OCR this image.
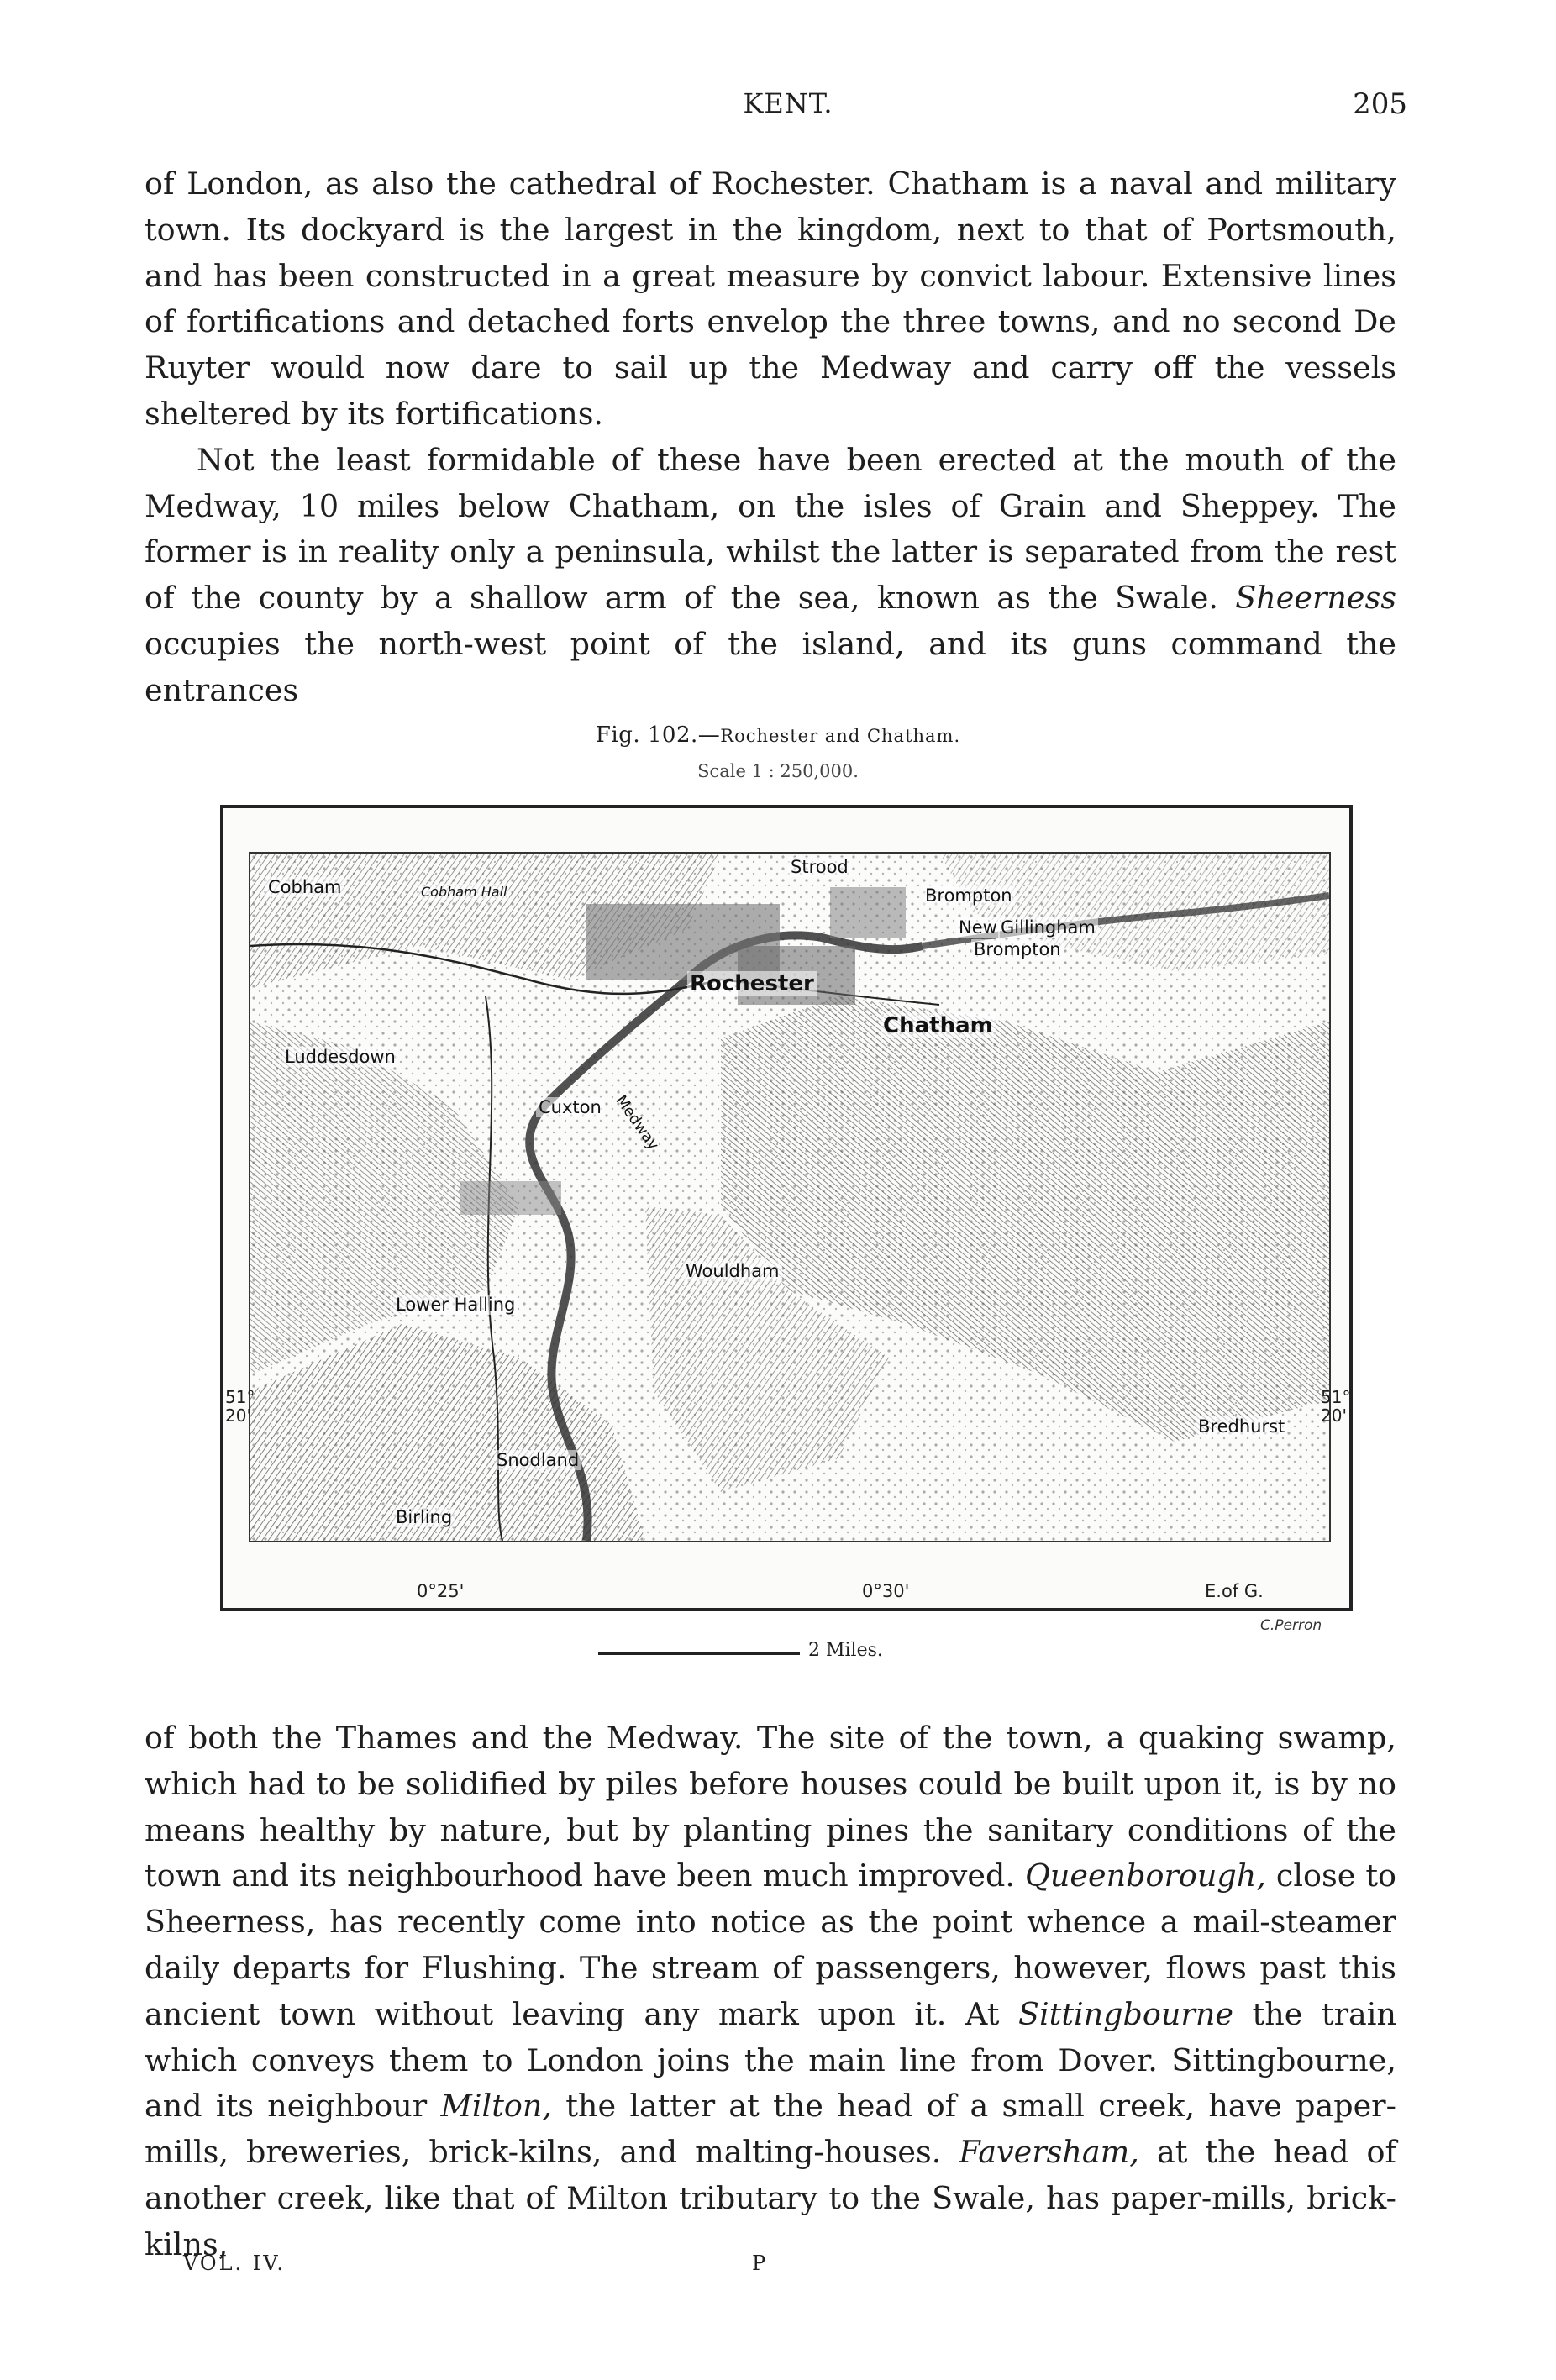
KENT.	205

of London, as also the cathedral of Rochester. Chatham is a naval and military town. Its dockyard is the largest in the kingdom, next to that of Portsmouth, and has been constructed in a great measure by convict labour. Extensive lines of fortifications and detached forts envelop the three towns, and no second De Ruyter would now dare to sail up the Medway and carry off the vessels sheltered by its fortifications.

Not the least formidable of these have been erected at the mouth of the Medway, 10 miles below Chatham, on the isles of Grain and Sheppey. The former is in reality only a peninsula, whilst the latter is separated from the rest of the county by a shallow arm of the sea, known as the Swale. Sheerness occupies the north-west point of the island, and its guns command the entrances

Fig. 102.—Rochester and Chatham.
Scale 1 : 250,000.
Cobham	Cobham Hall
Strood
Rochester
Brompton
New Gillingham
Brompton
Chatham
Luddesdown
Cuxton Medway
Wouldham
Lower Halling
Snodland
Birling
Bredhurst
0°25'	0°30'	E.of G.
51°
20'
51°
20'
C.Perron
2 Miles.

of both the Thames and the Medway. The site of the town, a quaking swamp, which had to be solidified by piles before houses could be built upon it, is by no means healthy by nature, but by planting pines the sanitary conditions of the town and its neighbourhood have been much improved. Queenborough, close to Sheerness, has recently come into notice as the point whence a mail-steamer daily departs for Flushing. The stream of passengers, however, flows past this ancient town without leaving any mark upon it. At Sittingbourne the train which conveys them to London joins the main line from Dover. Sittingbourne, and its neighbour Milton, the latter at the head of a small creek, have paper-mills, breweries, brick-kilns, and malting-houses. Faversham, at the head of another creek, like that of Milton tributary to the Swale, has paper-mills, brick-kilns,

VOL. IV.	P
